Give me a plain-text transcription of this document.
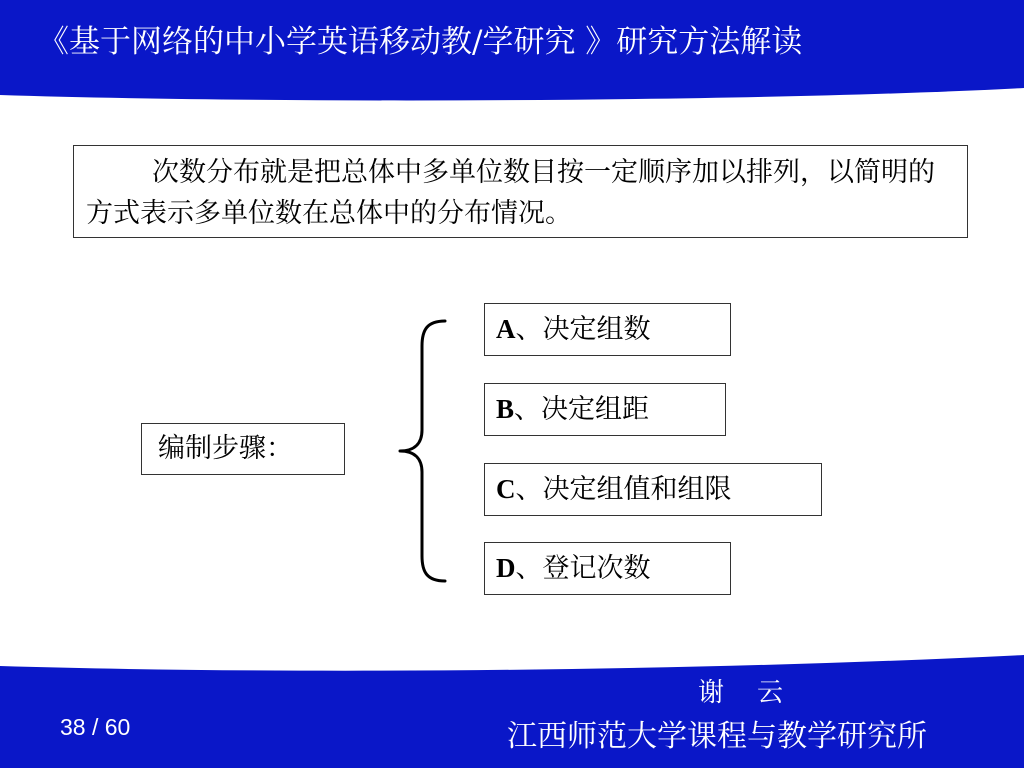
《基于网络的中小学英语移动教/学研究 》研究方法解读
次数分布就是把总体中多单位数目按一定顺序加以排列，以简明的方式表示多单位数在总体中的分布情况。
编制步骤：
A、决定组数
B、决定组距
C、决定组值和组限
D、登记次数
38 / 60
谢    云
江西师范大学课程与教学研究所
